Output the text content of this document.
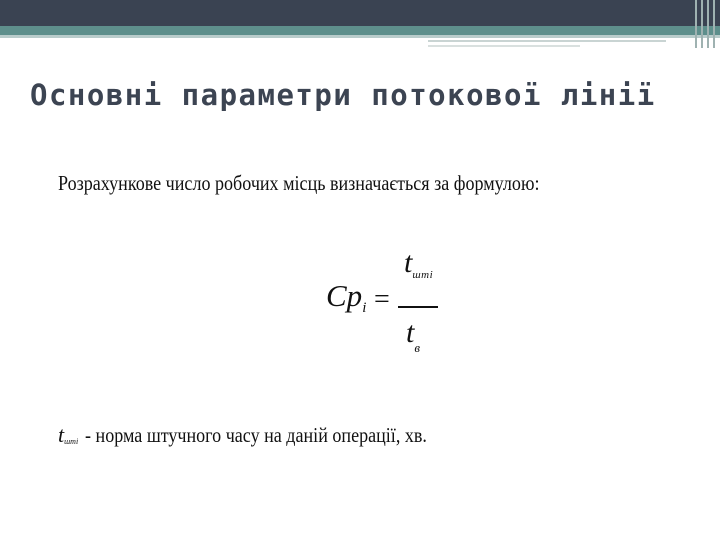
Основні параметри потокової лінії

Розрахункове число робочих місць визначається за формулою:

Cpi =
$t_{штi}$
$t_в$
tштi - норма штучного часу на даній операції, хв.
